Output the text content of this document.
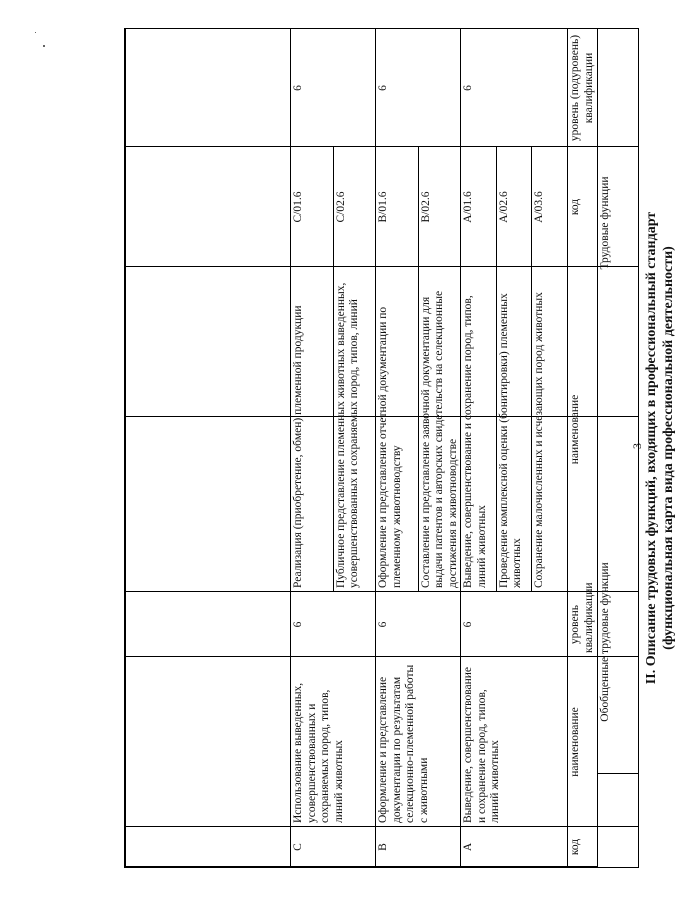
3 II. Описание трудовых функций, входящих в профессиональный стандарт (функциональная карта вида профессиональной деятельности)
Обобщенные трудовые функции
Трудовые функции
код
наименование
уровень квалификации
наименование
код
уровень (подуровень) квалификации
A
Выведение, совершенствование и сохранение пород, типов, линий животных
6
Выведение, совершенствование и сохранение пород, типов, линий животных
A/01.6
6
Проведение комплексной оценки (бонитировки) племенных животных
A/02.6
Сохранение малочисленных и исчезающих пород животных
A/03.6
B
Оформление и представление документации по результатам селекционно-племенной работы с животными
6
Оформление и представление отчетной документации по племенному животноводству
B/01.6
6
Составление и представление заявочной документации для выдачи патентов и авторских свидетельств на селекционные достижения в животноводстве
B/02.6
C
Использование выведенных, усовершенствованных и сохраняемых пород, типов, линий животных
6
Реализация (приобретение, обмен) племенной продукции
C/01.6
6
Публичное представление племенных животных выведенных, усовершенствованных и сохраняемых пород, типов, линий
C/02.6
